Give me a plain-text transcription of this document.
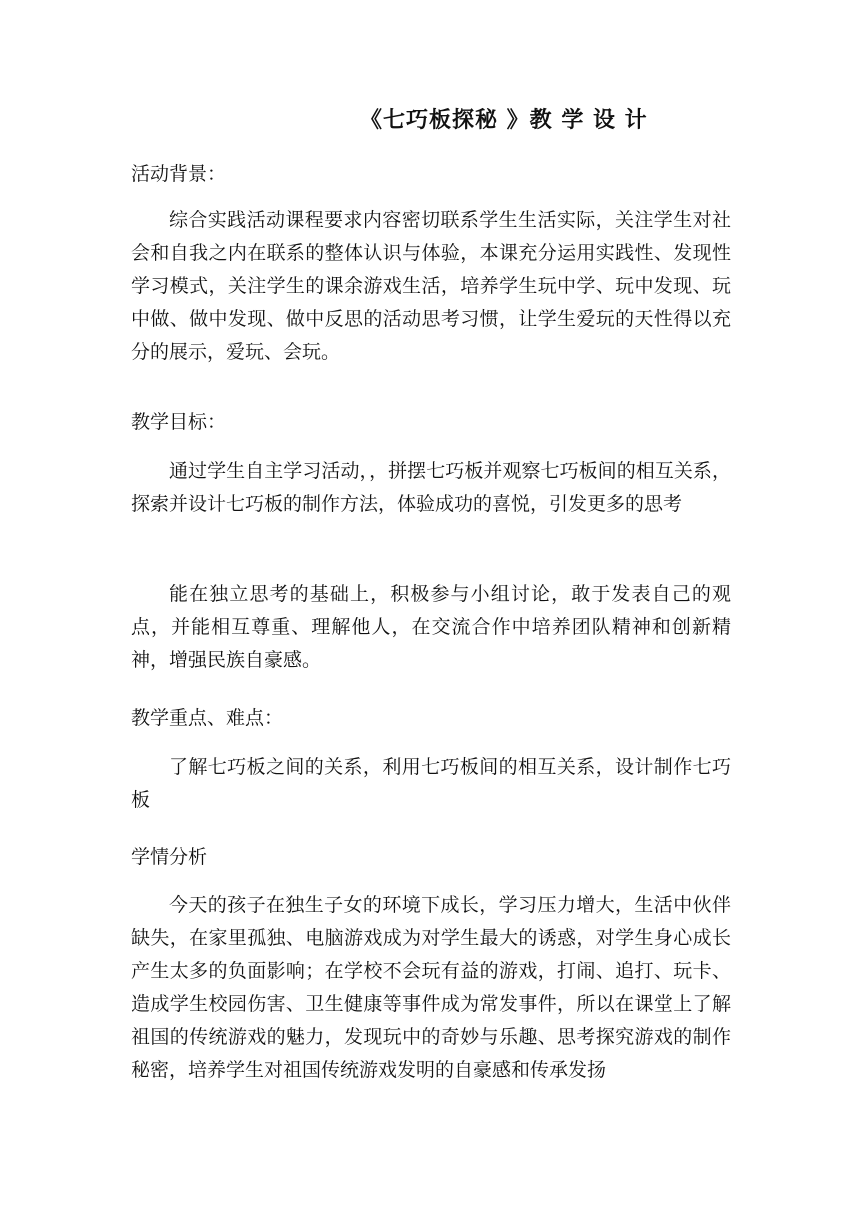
《七巧板探秘 》教 学 设 计
活动背景：
综合实践活动课程要求内容密切联系学生生活实际，关注学生对社会和自我之内在联系的整体认识与体验，本课充分运用实践性、发现性学习模式，关注学生的课余游戏生活，培养学生玩中学、玩中发现、玩中做、做中发现、做中反思的活动思考习惯，让学生爱玩的天性得以充分的展示，爱玩、会玩。
教学目标：
通过学生自主学习活动，，拼摆七巧板并观察七巧板间的相互关系，探索并设计七巧板的制作方法，体验成功的喜悦，引发更多的思考
能在独立思考的基础上，积极参与小组讨论，敢于发表自己的观点，并能相互尊重、理解他人，在交流合作中培养团队精神和创新精神，增强民族自豪感。
教学重点、难点：
了解七巧板之间的关系，利用七巧板间的相互关系，设计制作七巧板
学情分析
今天的孩子在独生子女的环境下成长，学习压力增大，生活中伙伴缺失，在家里孤独、电脑游戏成为对学生最大的诱惑，对学生身心成长产生太多的负面影响；在学校不会玩有益的游戏，打闹、追打、玩卡、造成学生校园伤害、卫生健康等事件成为常发事件，所以在课堂上了解祖国的传统游戏的魅力，发现玩中的奇妙与乐趣、思考探究游戏的制作秘密，培养学生对祖国传统游戏发明的自豪感和传承发扬
